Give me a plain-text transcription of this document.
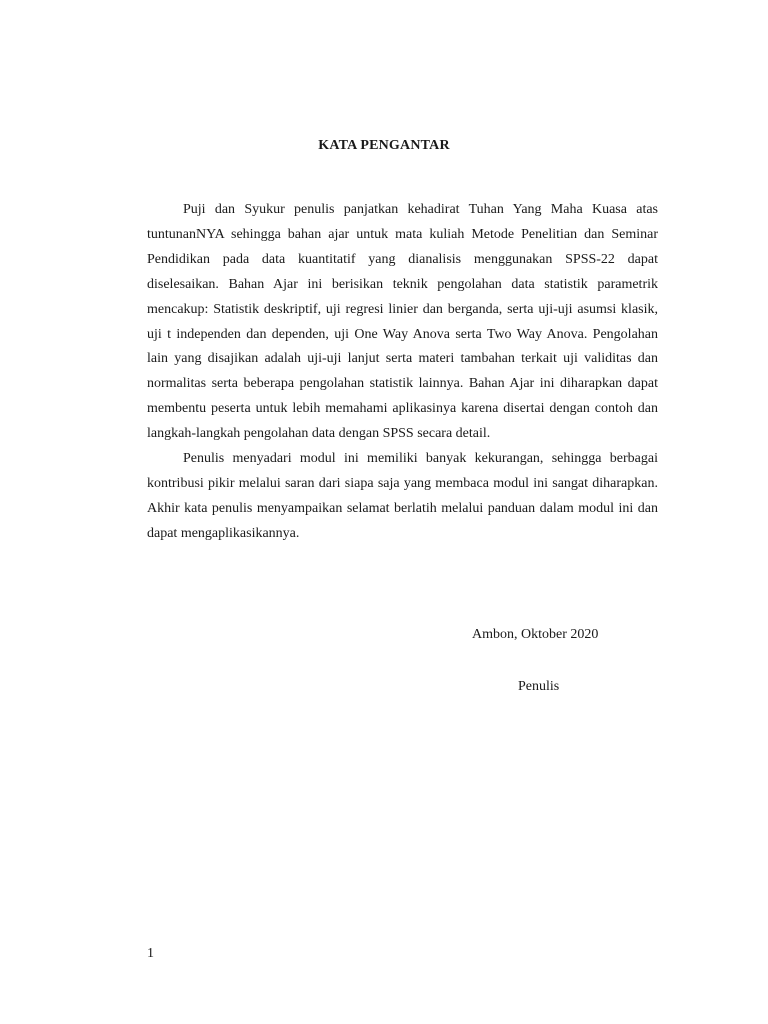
KATA PENGANTAR

Puji dan Syukur penulis panjatkan kehadirat Tuhan Yang Maha Kuasa atas tuntunanNYA sehingga bahan ajar untuk mata kuliah Metode Penelitian dan Seminar Pendidikan pada data kuantitatif yang dianalisis menggunakan SPSS-22 dapat diselesaikan. Bahan Ajar ini berisikan teknik pengolahan data statistik parametrik mencakup: Statistik deskriptif, uji regresi linier dan berganda, serta uji-uji asumsi klasik, uji t independen dan dependen, uji One Way Anova serta Two Way Anova. Pengolahan lain yang disajikan adalah uji-uji lanjut serta materi tambahan terkait uji validitas dan normalitas serta beberapa pengolahan statistik lainnya. Bahan Ajar ini diharapkan dapat membentu peserta untuk lebih memahami aplikasinya karena disertai dengan contoh dan langkah-langkah pengolahan data dengan SPSS secara detail.

Penulis menyadari modul ini memiliki banyak kekurangan, sehingga berbagai kontribusi pikir melalui saran dari siapa saja yang membaca modul ini sangat diharapkan. Akhir kata penulis menyampaikan selamat berlatih melalui panduan dalam modul ini dan dapat mengaplikasikannya.

Ambon, Oktober 2020

Penulis

1
